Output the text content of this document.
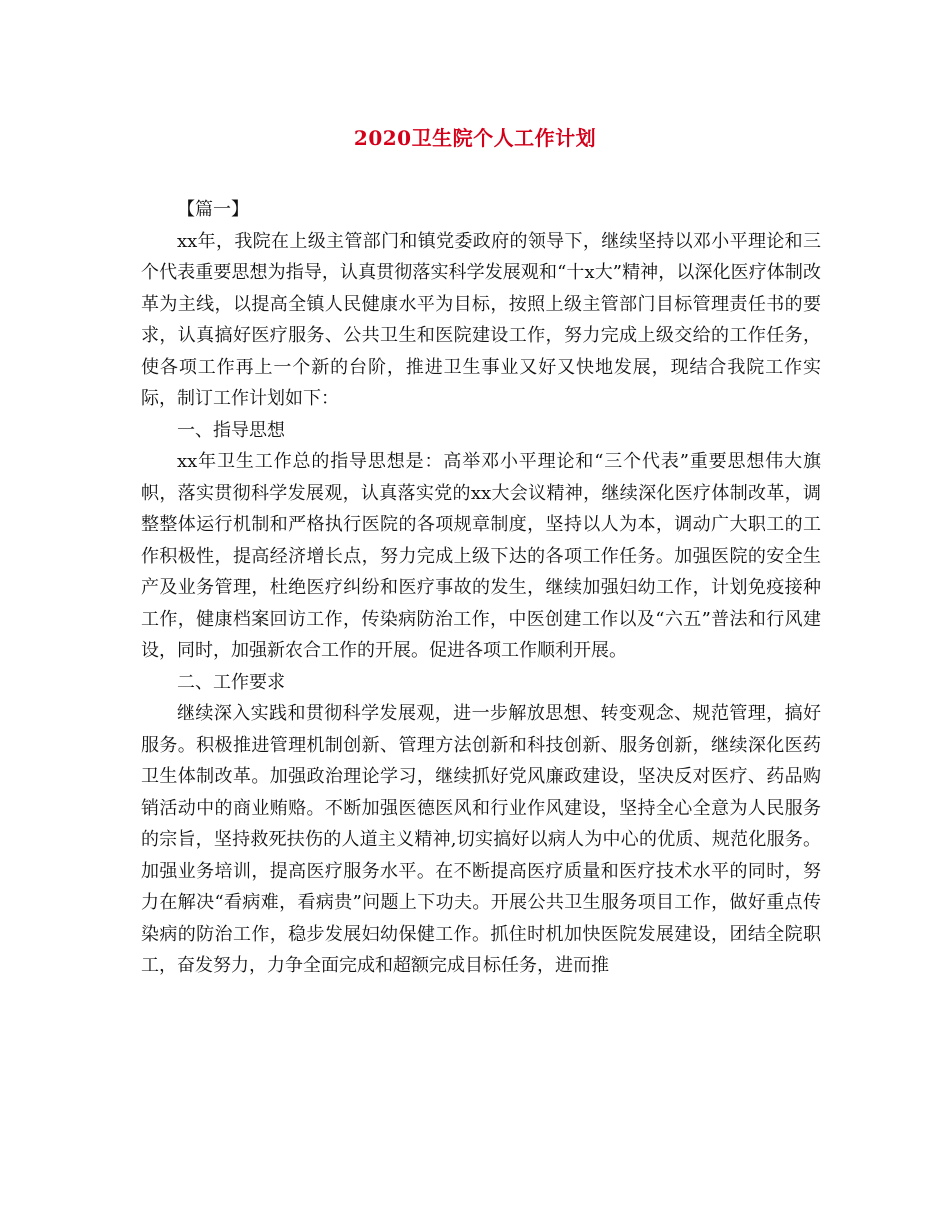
2020卫生院个人工作计划

【篇一】

xx年，我院在上级主管部门和镇党委政府的领导下，继续坚持以邓小平理论和三个代表重要思想为指导，认真贯彻落实科学发展观和“十x大”精神，以深化医疗体制改革为主线，以提高全镇人民健康水平为目标，按照上级主管部门目标管理责任书的要求，认真搞好医疗服务、公共卫生和医院建设工作，努力完成上级交给的工作任务，使各项工作再上一个新的台阶，推进卫生事业又好又快地发展，现结合我院工作实际，制订工作计划如下：

一、指导思想

xx年卫生工作总的指导思想是：高举邓小平理论和“三个代表”重要思想伟大旗帜，落实贯彻科学发展观，认真落实党的xx大会议精神，继续深化医疗体制改革，调整整体运行机制和严格执行医院的各项规章制度，坚持以人为本，调动广大职工的工作积极性，提高经济增长点，努力完成上级下达的各项工作任务。加强医院的安全生产及业务管理，杜绝医疗纠纷和医疗事故的发生，继续加强妇幼工作，计划免疫接种工作，健康档案回访工作，传染病防治工作，中医创建工作以及“六五”普法和行风建设，同时，加强新农合工作的开展。促进各项工作顺利开展。

二、工作要求

继续深入实践和贯彻科学发展观，进一步解放思想、转变观念、规范管理，搞好服务。积极推进管理机制创新、管理方法创新和科技创新、服务创新，继续深化医药卫生体制改革。加强政治理论学习，继续抓好党风廉政建设，坚决反对医疗、药品购销活动中的商业贿赂。不断加强医德医风和行业作风建设，坚持全心全意为人民服务的宗旨，坚持救死扶伤的人道主义精神,切实搞好以病人为中心的优质、规范化服务。加强业务培训，提高医疗服务水平。在不断提高医疗质量和医疗技术水平的同时，努力在解决“看病难，看病贵”问题上下功夫。开展公共卫生服务项目工作，做好重点传染病的防治工作，稳步发展妇幼保健工作。抓住时机加快医院发展建设，团结全院职工，奋发努力，力争全面完成和超额完成目标任务，进而推
